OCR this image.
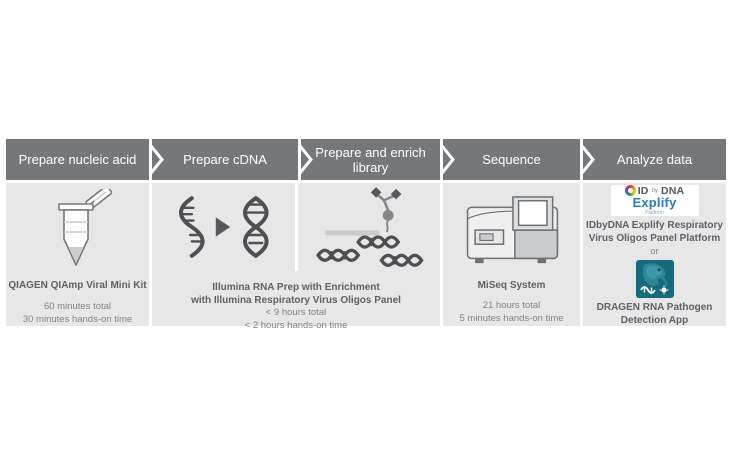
Prepare nucleic acid	Prepare cDNA	Prepare and enrich library	Sequence	Analyze data
QIAGEN QIAmp Viral Mini Kit
60 minutes total
30 minutes hands-on time
Illumina RNA Prep with Enrichment
with Illumina Respiratory Virus Oligos Panel
< 9 hours total
< 2 hours hands-on time
MiSeq System
21 hours total
5 minutes hands-on time
ID by DNA
Explify
Platform
IDbyDNA Explify Respiratory
Virus Oligos Panel Platform
or
DRAGEN RNA Pathogen
Detection App
